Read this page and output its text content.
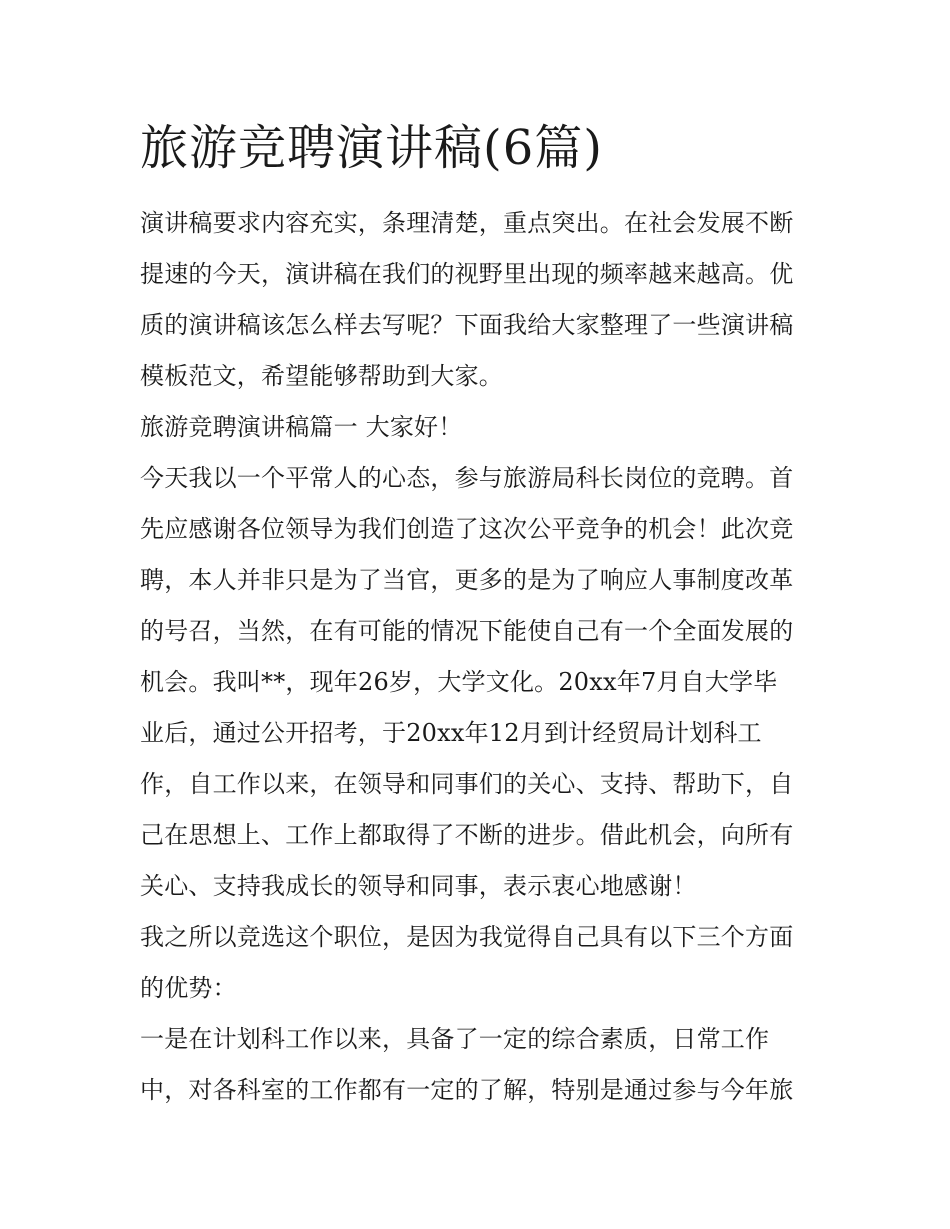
旅游竞聘演讲稿(6篇)
演讲稿要求内容充实，条理清楚，重点突出。在社会发展不断
提速的今天，演讲稿在我们的视野里出现的频率越来越高。优
质的演讲稿该怎么样去写呢？下面我给大家整理了一些演讲稿
模板范文，希望能够帮助到大家。
旅游竞聘演讲稿篇一 大家好！
今天我以一个平常人的心态，参与旅游局科长岗位的竞聘。首
先应感谢各位领导为我们创造了这次公平竞争的机会！此次竞
聘，本人并非只是为了当官，更多的是为了响应人事制度改革
的号召，当然，在有可能的情况下能使自己有一个全面发展的
机会。我叫**，现年26岁，大学文化。20xx年7月自大学毕
业后，通过公开招考，于20xx年12月到计经贸局计划科工
作，自工作以来，在领导和同事们的关心、支持、帮助下，自
己在思想上、工作上都取得了不断的进步。借此机会，向所有
关心、支持我成长的领导和同事，表示衷心地感谢！
我之所以竞选这个职位，是因为我觉得自己具有以下三个方面
的优势：
一是在计划科工作以来，具备了一定的综合素质，日常工作
中，对各科室的工作都有一定的了解，特别是通过参与今年旅
